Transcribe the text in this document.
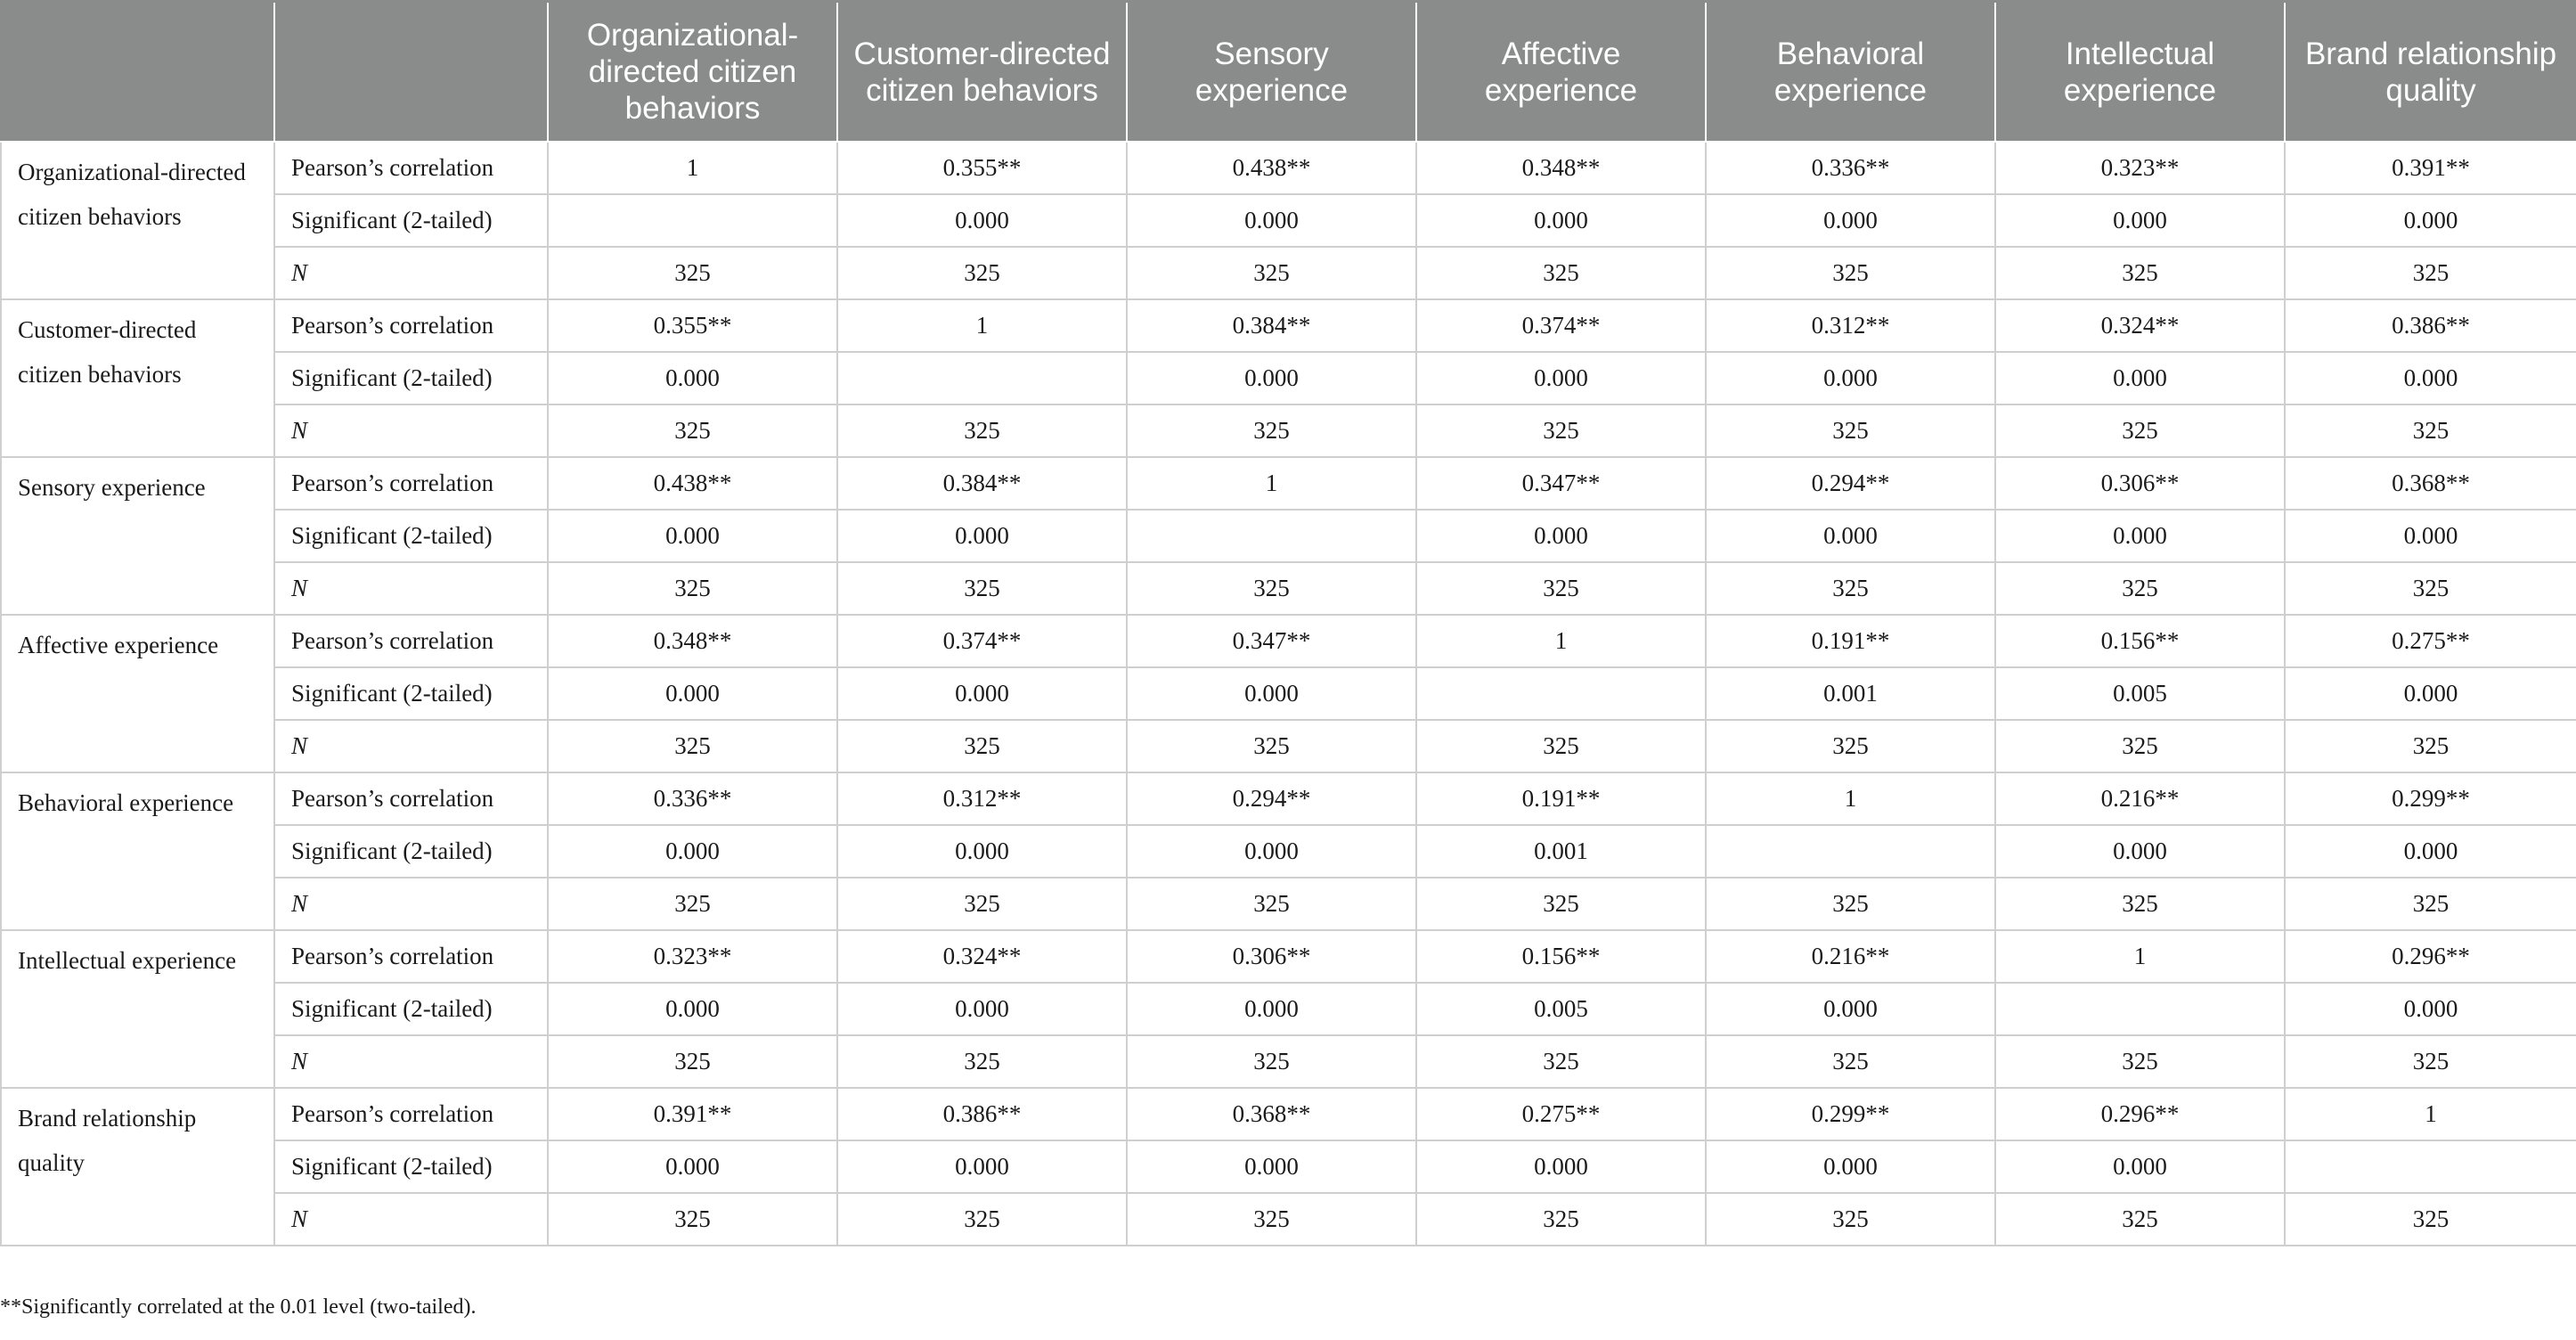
		Organizational-directed citizen behaviors	Customer-directed citizen behaviors	Sensory experience	Affective experience	Behavioral experience	Intellectual experience	Brand relationship quality
Organizational-directed citizen behaviors	Pearson’s correlation	1	0.355**	0.438**	0.348**	0.336**	0.323**	0.391**
	Significant (2-tailed)		0.000	0.000	0.000	0.000	0.000	0.000
	N	325	325	325	325	325	325	325
Customer-directed citizen behaviors	Pearson’s correlation	0.355**	1	0.384**	0.374**	0.312**	0.324**	0.386**
	Significant (2-tailed)	0.000		0.000	0.000	0.000	0.000	0.000
	N	325	325	325	325	325	325	325
Sensory experience	Pearson’s correlation	0.438**	0.384**	1	0.347**	0.294**	0.306**	0.368**
	Significant (2-tailed)	0.000	0.000		0.000	0.000	0.000	0.000
	N	325	325	325	325	325	325	325
Affective experience	Pearson’s correlation	0.348**	0.374**	0.347**	1	0.191**	0.156**	0.275**
	Significant (2-tailed)	0.000	0.000	0.000		0.001	0.005	0.000
	N	325	325	325	325	325	325	325
Behavioral experience	Pearson’s correlation	0.336**	0.312**	0.294**	0.191**	1	0.216**	0.299**
	Significant (2-tailed)	0.000	0.000	0.000	0.001		0.000	0.000
	N	325	325	325	325	325	325	325
Intellectual experience	Pearson’s correlation	0.323**	0.324**	0.306**	0.156**	0.216**	1	0.296**
	Significant (2-tailed)	0.000	0.000	0.000	0.005	0.000		0.000
	N	325	325	325	325	325	325	325
Brand relationship quality	Pearson’s correlation	0.391**	0.386**	0.368**	0.275**	0.299**	0.296**	1
	Significant (2-tailed)	0.000	0.000	0.000	0.000	0.000	0.000	
	N	325	325	325	325	325	325	325
**Significantly correlated at the 0.01 level (two-tailed).
